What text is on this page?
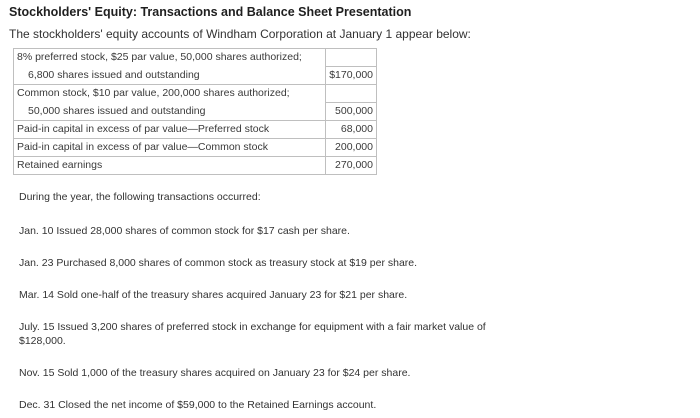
Stockholders' Equity: Transactions and Balance Sheet Presentation
The stockholders' equity accounts of Windham Corporation at January 1 appear below:
8% preferred stock, $25 par value, 50,000 shares authorized;	
6,800 shares issued and outstanding	$170,000
Common stock, $10 par value, 200,000 shares authorized;	
50,000 shares issued and outstanding	500,000
Paid-in capital in excess of par value—Preferred stock	68,000
Paid-in capital in excess of par value—Common stock	200,000
Retained earnings	270,000
During the year, the following transactions occurred:
Jan. 10 Issued 28,000 shares of common stock for $17 cash per share.
Jan. 23 Purchased 8,000 shares of common stock as treasury stock at $19 per share.
Mar. 14 Sold one-half of the treasury shares acquired January 23 for $21 per share.
July. 15 Issued 3,200 shares of preferred stock in exchange for equipment with a fair market value of $128,000.
Nov. 15 Sold 1,000 of the treasury shares acquired on January 23 for $24 per share.
Dec. 31 Closed the net income of $59,000 to the Retained Earnings account.
